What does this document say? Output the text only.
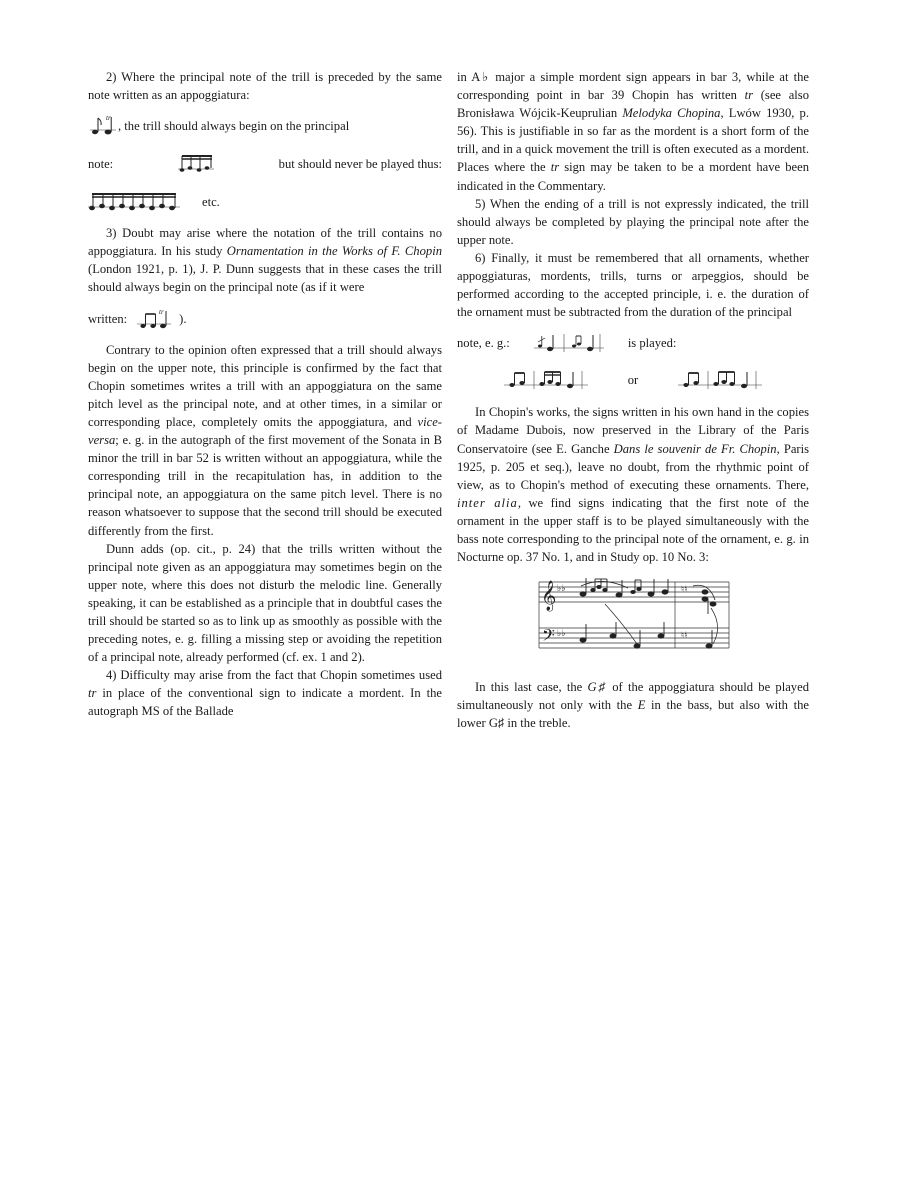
2) Where the principal note of the trill is preceded by the same note written as an appoggiatura:

tr
, the trill should always begin on the principal
note:	but should never be played thus:
etc.

3) Doubt may arise where the notation of the trill contains no appoggiatura. In his study Ornamentation in the Works of F. Chopin (London 1921, p. 1), J. P. Dunn suggests that in these cases the trill should always begin on the principal note (as if it were

written:	tr ).

Contrary to the opinion often expressed that a trill should always begin on the upper note, this principle is confirmed by the fact that Chopin sometimes writes a trill with an appoggiatura on the same pitch level as the principal note, and at other times, in a similar or corresponding place, completely omits the appoggiatura, and vice-versa; e. g. in the autograph of the first movement of the Sonata in B minor the trill in bar 52 is written without an appoggiatura, while the corresponding trill in the recapitulation has, in addition to the principal note, an appoggiatura on the same pitch level. There is no reason whatsoever to suppose that the second trill should be executed differently from the first.

Dunn adds (op. cit., p. 24) that the trills written without the principal note given as an appoggiatura may sometimes begin on the upper note, where this does not disturb the melodic line. Generally speaking, it can be established as a principle that in doubtful cases the trill should be started so as to link up as smoothly as possible with the preceding notes, e. g. filling a missing step or avoiding the repetition of a principal note, already performed (cf. ex. 1 and 2).

4) Difficulty may arise from the fact that Chopin sometimes used tr in place of the conventional sign to indicate a mordent. In the autograph MS of the Ballade

in A♭ major a simple mordent sign appears in bar 3, while at the corresponding point in bar 39 Chopin has written tr (see also Bronisława Wójcik-Keuprulian Melodyka Chopina, Lwów 1930, p. 56). This is justifiable in so far as the mordent is a short form of the trill, and in a quick movement the trill is often executed as a mordent. Places where the tr sign may be taken to be a mordent have been indicated in the Commentary.

5) When the ending of a trill is not expressly indicated, the trill should always be completed by playing the principal note after the upper note.

6) Finally, it must be remembered that all ornaments, whether appoggiaturas, mordents, trills, turns or arpeggios, should be performed according to the accepted principle, i. e. the duration of the ornament must be subtracted from the duration of the principal

note, e. g.:	is played:
or

In Chopin's works, the signs written in his own hand in the copies of Madame Dubois, now preserved in the Library of the Paris Conservatoire (see E. Ganche Dans le souvenir de Fr. Chopin, Paris 1925, p. 205 et seq.), leave no doubt, from the rhythmic point of view, as to Chopin's method of executing these ornaments. There, inter alia, we find signs indicating that the first note of the ornament in the upper staff is to be played simultaneously with the bass note corresponding to the principal note of the ornament, e. g. in Nocturne op. 37 No. 1, and in Study op. 10 No. 3:

𝄞
𝄢
♭♭
♭♭
♮♮
♮♮

In this last case, the G♯ of the appoggiatura should be played simultaneously not only with the E in the bass, but also with the lower G♯ in the treble.
